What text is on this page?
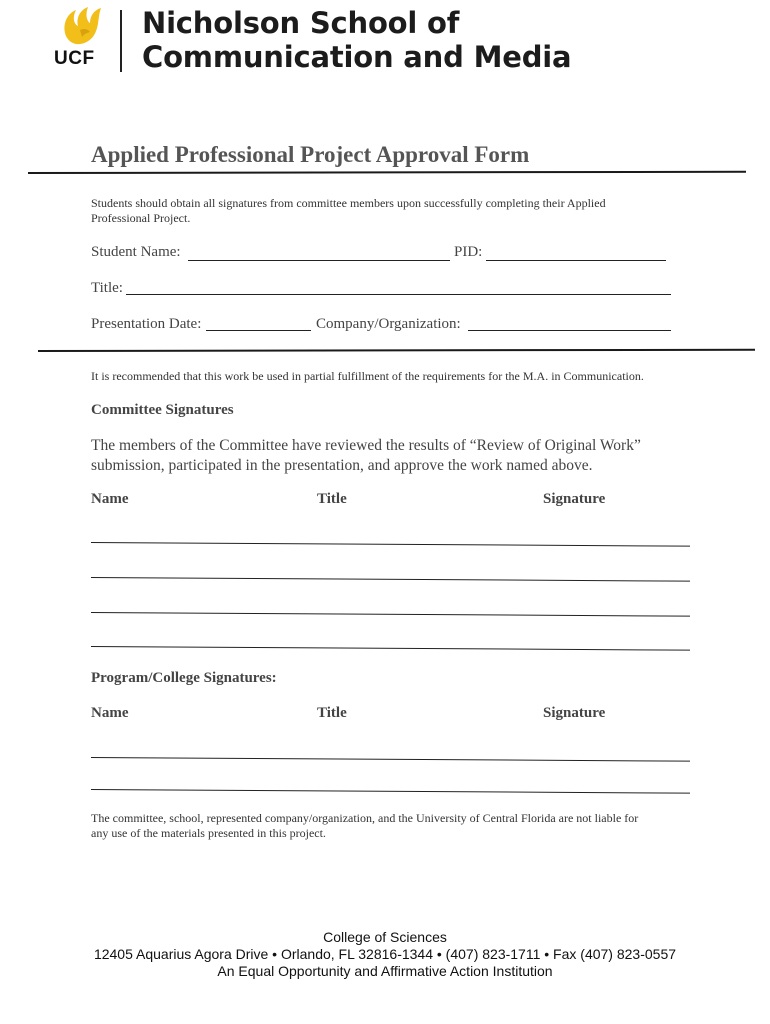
UCF
Nicholson School of
Communication and Media
Applied Professional Project Approval Form
Students should obtain all signatures from committee members upon successfully completing their Applied
Professional Project.
Student Name:	PID:
Title:
Presentation Date:	Company/Organization:
It is recommended that this work be used in partial fulfillment of the requirements for the M.A. in Communication.
Committee Signatures
The members of the Committee have reviewed the results of “Review of Original Work”
submission, participated in the presentation, and approve the work named above.
Name	Title	Signature
Program/College Signatures:
Name	Title	Signature
The committee, school, represented company/organization, and the University of Central Florida are not liable for
any use of the materials presented in this project.
College of Sciences
12405 Aquarius Agora Drive • Orlando, FL 32816-1344 • (407) 823-1711 • Fax (407) 823-0557
An Equal Opportunity and Affirmative Action Institution
